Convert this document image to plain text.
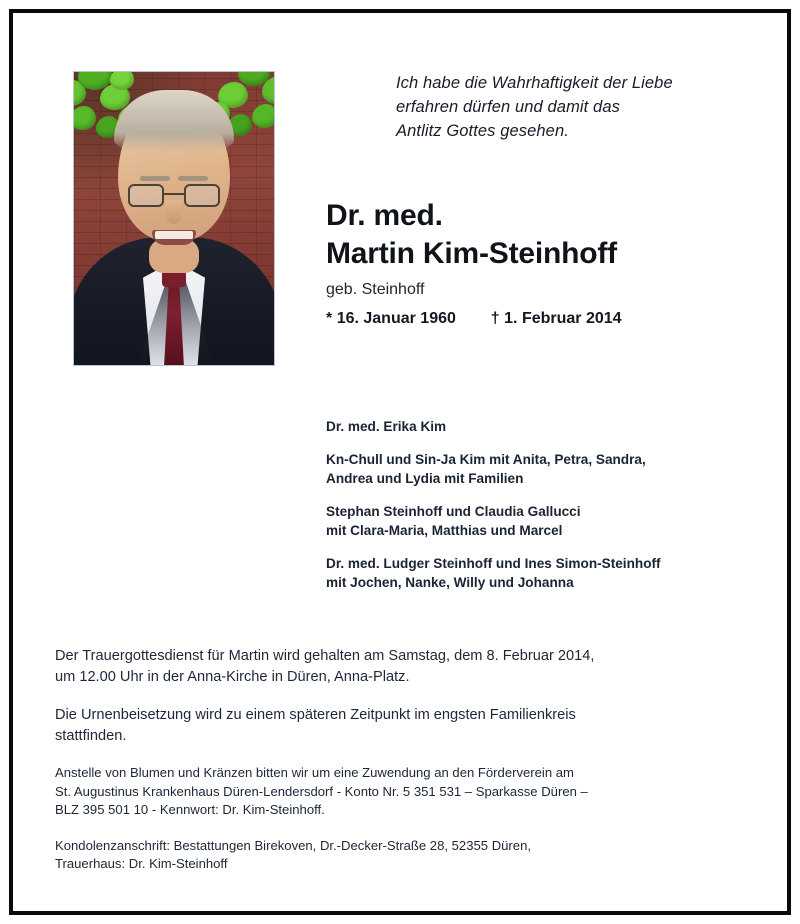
Ich habe die Wahrhaftigkeit der Liebe
erfahren dürfen und damit das
Antlitz Gottes gesehen.
Dr. med.
Martin Kim-Steinhoff
geb. Steinhoff
* 16. Januar 1960 † 1. Februar 2014
Dr. med. Erika Kim
Kn-Chull und Sin-Ja Kim mit Anita, Petra, Sandra,
Andrea und Lydia mit Familien
Stephan Steinhoff und Claudia Gallucci
mit Clara-Maria, Matthias und Marcel
Dr. med. Ludger Steinhoff und Ines Simon-Steinhoff
mit Jochen, Nanke, Willy und Johanna
Der Trauergottesdienst für Martin wird gehalten am Samstag, dem 8. Februar 2014,
um 12.00 Uhr in der Anna-Kirche in Düren, Anna-Platz.
Die Urnenbeisetzung wird zu einem späteren Zeitpunkt im engsten Familienkreis
stattfinden.
Anstelle von Blumen und Kränzen bitten wir um eine Zuwendung an den Förderverein am
St. Augustinus Krankenhaus Düren-Lendersdorf - Konto Nr. 5 351 531 – Sparkasse Düren –
BLZ 395 501 10 - Kennwort: Dr. Kim-Steinhoff.
Kondolenzanschrift: Bestattungen Birekoven, Dr.-Decker-Straße 28, 52355 Düren,
Trauerhaus: Dr. Kim-Steinhoff
